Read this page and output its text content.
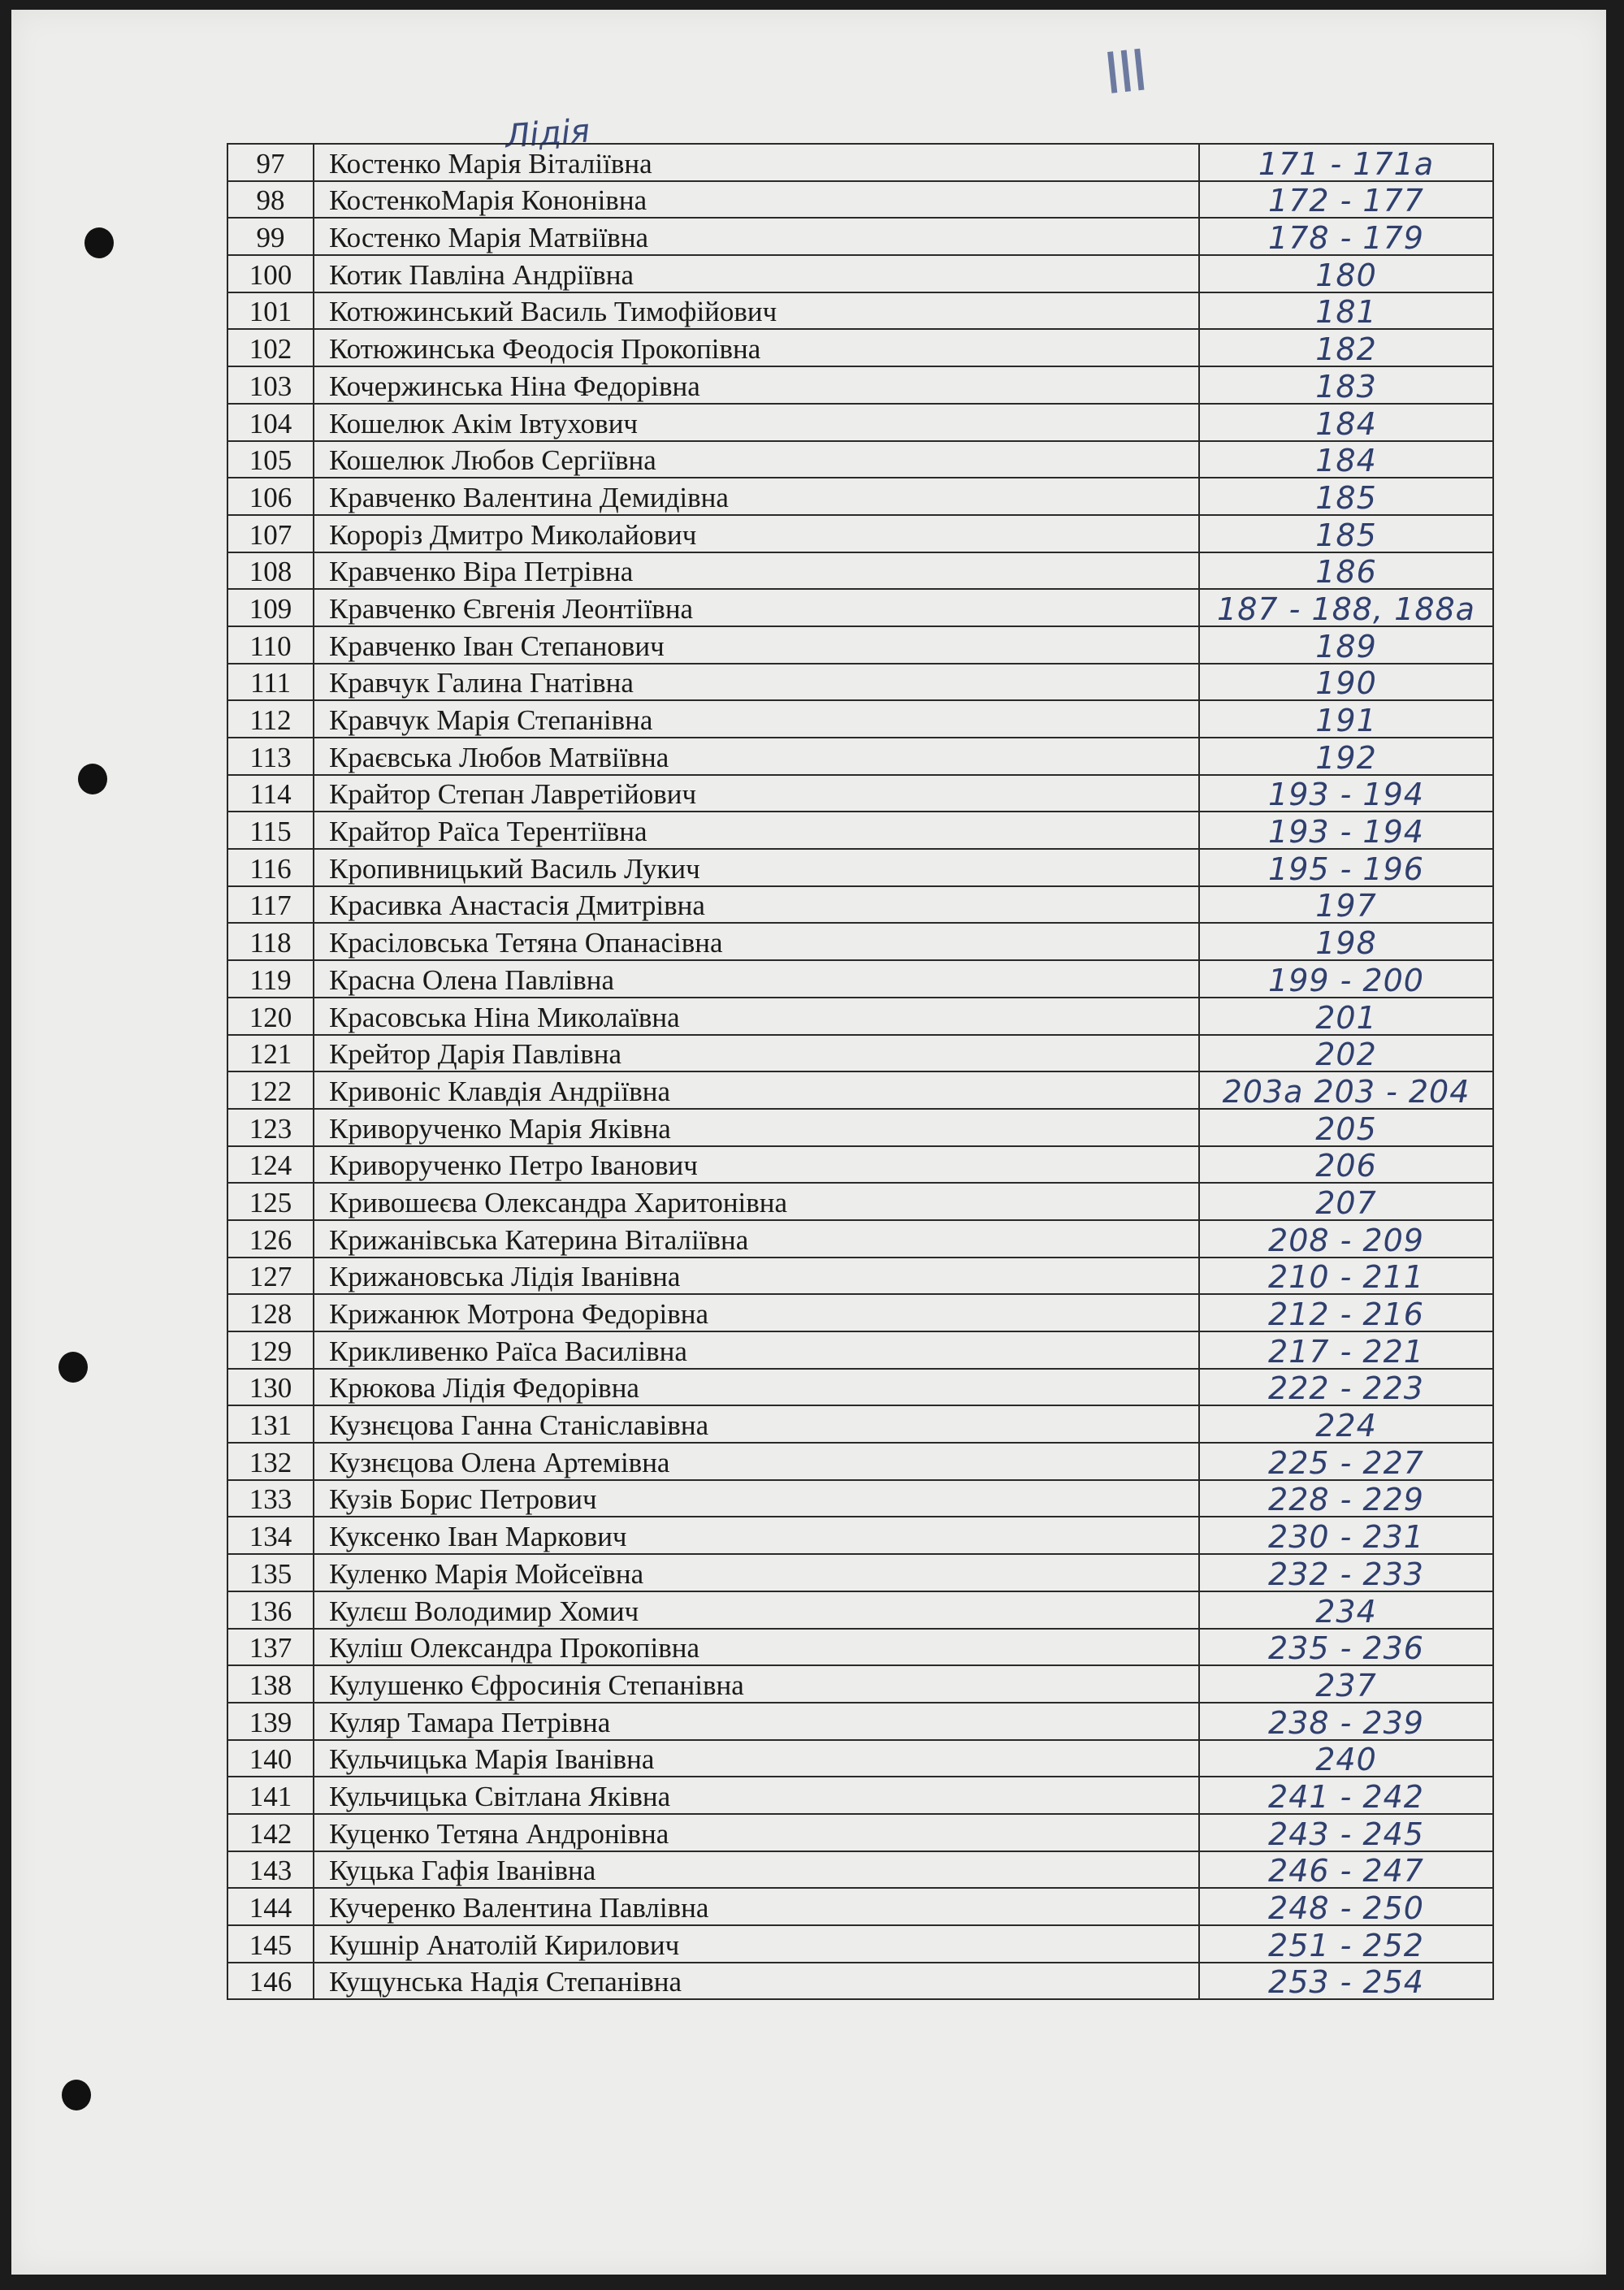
III
Лідія
97	Костенко Марія Віталіївна	171 - 171а
98	КостенкоМарія Кононівна	172 - 177
99	Костенко Марія Матвіївна	178 - 179
100	Котик Павліна Андріївна	180
101	Котюжинський Василь Тимофійович	181
102	Котюжинська Феодосія Прокопівна	182
103	Кочержинська Ніна Федорівна	183
104	Кошелюк Акім Івтухович	184
105	Кошелюк Любов Сергіївна	184
106	Кравченко Валентина Демидівна	185
107	Короріз Дмитро Миколайович	185
108	Кравченко Віра Петрівна	186
109	Кравченко Євгенія Леонтіївна	187 - 188, 188а
110	Кравченко Іван Степанович	189
111	Кравчук Галина Гнатівна	190
112	Кравчук Марія Степанівна	191
113	Краєвська Любов Матвіївна	192
114	Крайтор Степан Лавретійович	193 - 194
115	Крайтор Раїса Терентіївна	193 - 194
116	Кропивницький Василь Лукич	195 - 196
117	Красивка Анастасія Дмитрівна	197
118	Красіловська Тетяна Опанасівна	198
119	Красна Олена Павлівна	199 - 200
120	Красовська Ніна Миколаївна	201
121	Крейтор Дарія Павлівна	202
122	Кривоніс Клавдія Андріївна	203а 203 - 204
123	Криворученко Марія Яківна	205
124	Криворученко Петро Іванович	206
125	Кривошеєва Олександра Харитонівна	207
126	Крижанівська Катерина Віталіївна	208 - 209
127	Крижановська Лідія Іванівна	210 - 211
128	Крижанюк Мотрона Федорівна	212 - 216
129	Крикливенко Раїса Василівна	217 - 221
130	Крюкова Лідія Федорівна	222 - 223
131	Кузнєцова Ганна Станіславівна	224
132	Кузнєцова Олена Артемівна	225 - 227
133	Кузів Борис Петрович	228 - 229
134	Куксенко Іван Маркович	230 - 231
135	Куленко Марія Мойсеївна	232 - 233
136	Кулєш Володимир Хомич	234
137	Куліш Олександра Прокопівна	235 - 236
138	Кулушенко Єфросинія Степанівна	237
139	Куляр Тамара Петрівна	238 - 239
140	Кульчицька Марія Іванівна	240
141	Кульчицька Світлана Яківна	241 - 242
142	Куценко Тетяна Андронівна	243 - 245
143	Куцька Гафія Іванівна	246 - 247
144	Кучеренко Валентина Павлівна	248 - 250
145	Кушнір Анатолій Кирилович	251 - 252
146	Кущунська Надія Степанівна	253 - 254
